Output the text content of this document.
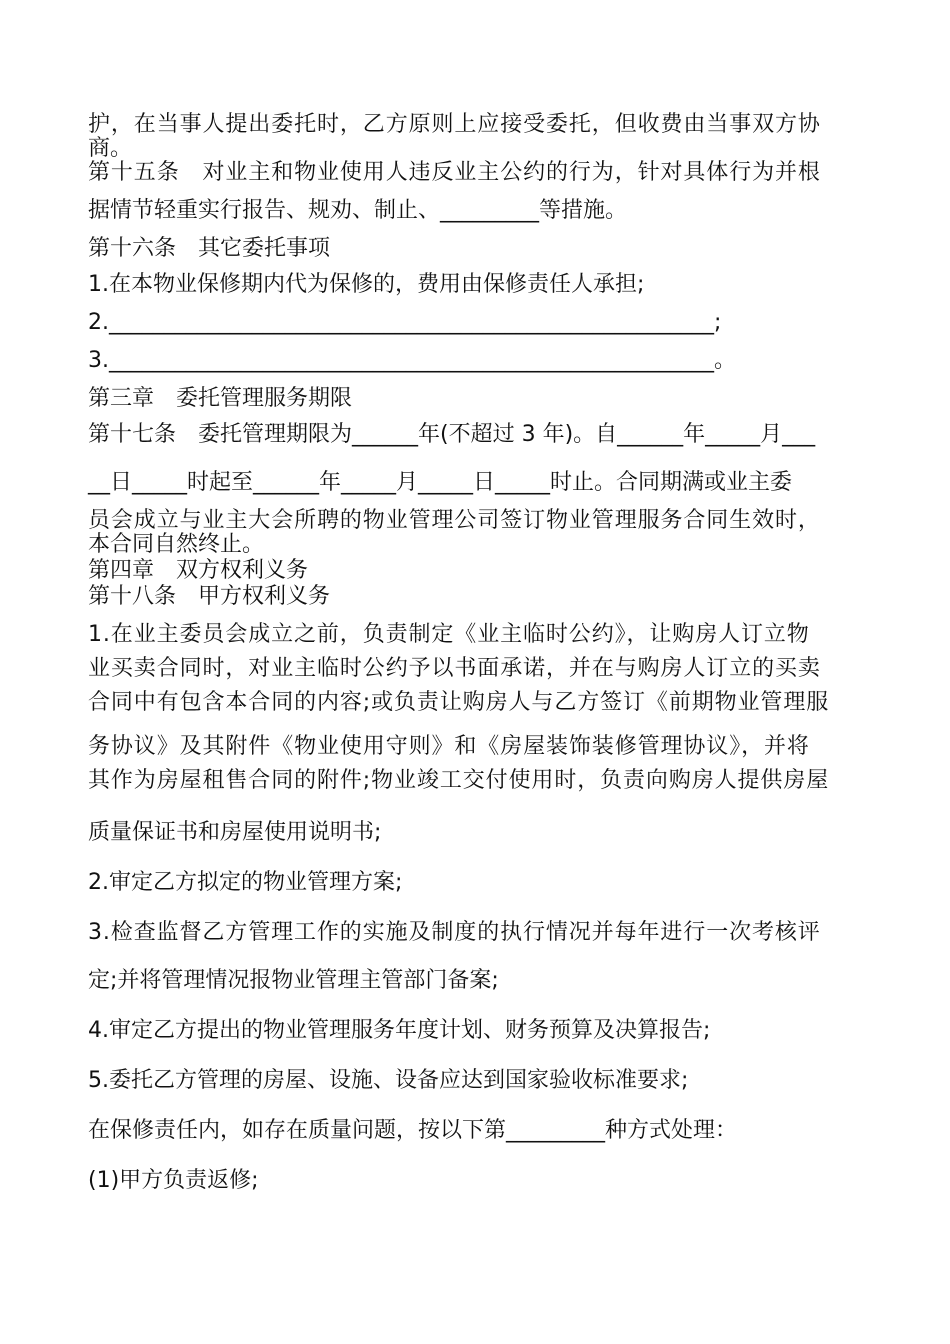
护，在当事人提出委托时，乙方原则上应接受委托，但收费由当事双方协

商。

第十五条　对业主和物业使用人违反业主公约的行为，针对具体行为并根

据情节轻重实行报告、规劝、制止、_________等措施。

第十六条　其它委托事项

1.在本物业保修期内代为保修的，费用由保修责任人承担;

2._______________________________________________________;

3._______________________________________________________。

第三章　委托管理服务期限

第十七条　委托管理期限为______年(不超过 3 年)。自______年_____月___

__日_____时起至______年_____月_____日_____时止。合同期满或业主委

员会成立与业主大会所聘的物业管理公司签订物业管理服务合同生效时，

本合同自然终止。

第四章　双方权利义务

第十八条　甲方权利义务

1.在业主委员会成立之前，负责制定《业主临时公约》，让购房人订立物

业买卖合同时，对业主临时公约予以书面承诺，并在与购房人订立的买卖

合同中有包含本合同的内容;或负责让购房人与乙方签订《前期物业管理服

务协议》及其附件《物业使用守则》和《房屋装饰装修管理协议》，并将

其作为房屋租售合同的附件;物业竣工交付使用时，负责向购房人提供房屋

质量保证书和房屋使用说明书;

2.审定乙方拟定的物业管理方案;

3.检查监督乙方管理工作的实施及制度的执行情况并每年进行一次考核评

定;并将管理情况报物业管理主管部门备案;

4.审定乙方提出的物业管理服务年度计划、财务预算及决算报告;

5.委托乙方管理的房屋、设施、设备应达到国家验收标准要求;

在保修责任内，如存在质量问题，按以下第_________种方式处理：

(1)甲方负责返修;
